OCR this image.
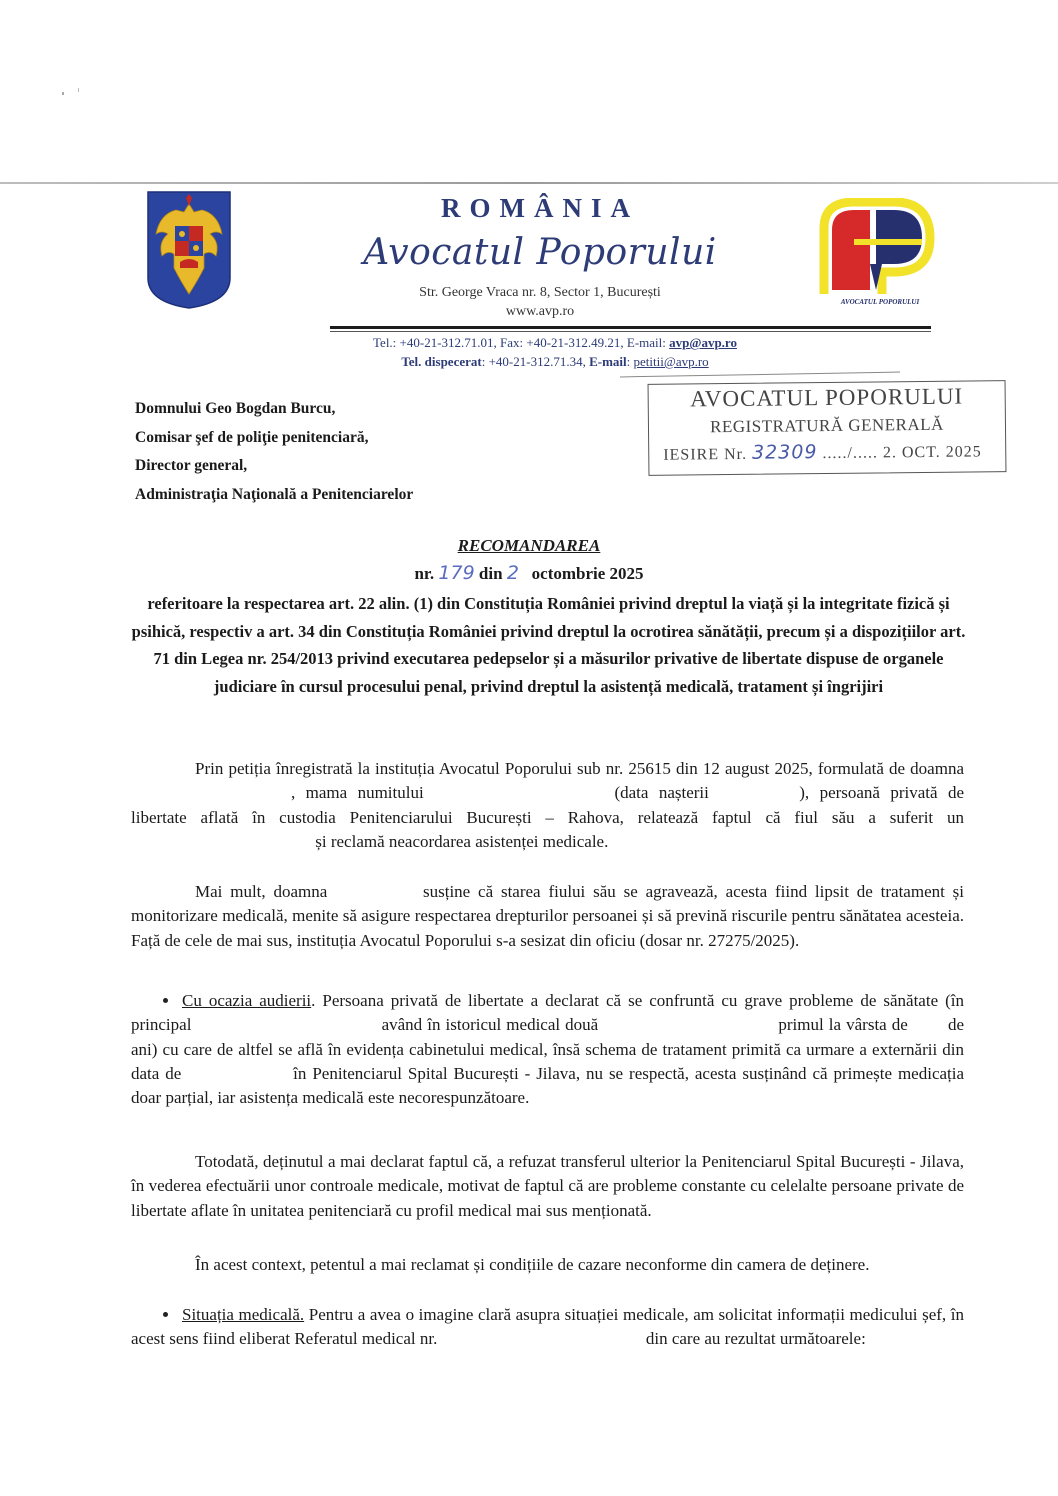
ROMÂNIA
Avocatul Poporului
Str. George Vraca nr. 8, Sector 1, București
www.avp.ro
AVOCATUL POPORULUI
Tel.: +40-21-312.71.01, Fax: +40-21-312.49.21, E-mail: avp@avp.ro
Tel. dispecerat: +40-21-312.71.34, E-mail: petitii@avp.ro
Domnului Geo Bogdan Burcu,
Comisar şef de poliţie penitenciară,
Director general,
Administraţia Naţională a Penitenciarelor
AVOCATUL POPORULUI
REGISTRATURĂ GENERALĂ
IESIRE Nr. 32309 ...../..... 2. OCT. 2025
RECOMANDAREA
nr. 179 din 2 octombrie 2025
referitoare la respectarea art. 22 alin. (1) din Constituția României privind dreptul la viață și la integritate fizică și psihică, respectiv a art. 34 din Constituția României privind dreptul la ocrotirea sănătății, precum și a dispozițiilor art. 71 din Legea nr. 254/2013 privind executarea pedepselor și a măsurilor privative de libertate dispuse de organele judiciare în cursul procesului penal, privind dreptul la asistență medicală, tratament și îngrijiri
Prin petiția înregistrată la instituția Avocatul Poporului sub nr. 25615 din 12 august 2025, formulată de doamna , mama numitului	(data nașterii	), persoană privată de libertate aflată în custodia Penitenciarului București – Rahova, relatează faptul că fiul său a suferit un  și reclamă neacordarea asistenței medicale.
Mai mult, doamna	susține că starea fiului său se agravează, acesta fiind lipsit de tratament și monitorizare medicală, menite să asigure respectarea drepturilor persoanei și să prevină riscurile pentru sănătatea acesteia. Față de cele de mai sus, instituția Avocatul Poporului s-a sesizat din oficiu (dosar nr. 27275/2025).
Cu ocazia audierii. Persoana privată de libertate a declarat că se confruntă cu grave probleme de sănătate (în principal	având în istoricul medical două	primul la vârsta de de ani) cu care de altfel se află în evidența cabinetului medical, însă schema de tratament primită ca urmare a externării din data de	în Penitenciarul Spital București - Jilava, nu se respectă, acesta susținând că primește medicația doar parțial, iar asistența medicală este necorespunzătoare.
Totodată, deținutul a mai declarat faptul că, a refuzat transferul ulterior la Penitenciarul Spital București - Jilava, în vederea efectuării unor controale medicale, motivat de faptul că are probleme constante cu celelalte persoane private de libertate aflate în unitatea penitenciară cu profil medical mai sus menționată.
În acest context, petentul a mai reclamat și condițiile de cazare neconforme din camera de deținere.
Situația medicală. Pentru a avea o imagine clară asupra situației medicale, am solicitat informații medicului șef, în acest sens fiind eliberat Referatul medical nr.	din care au rezultat următoarele:
